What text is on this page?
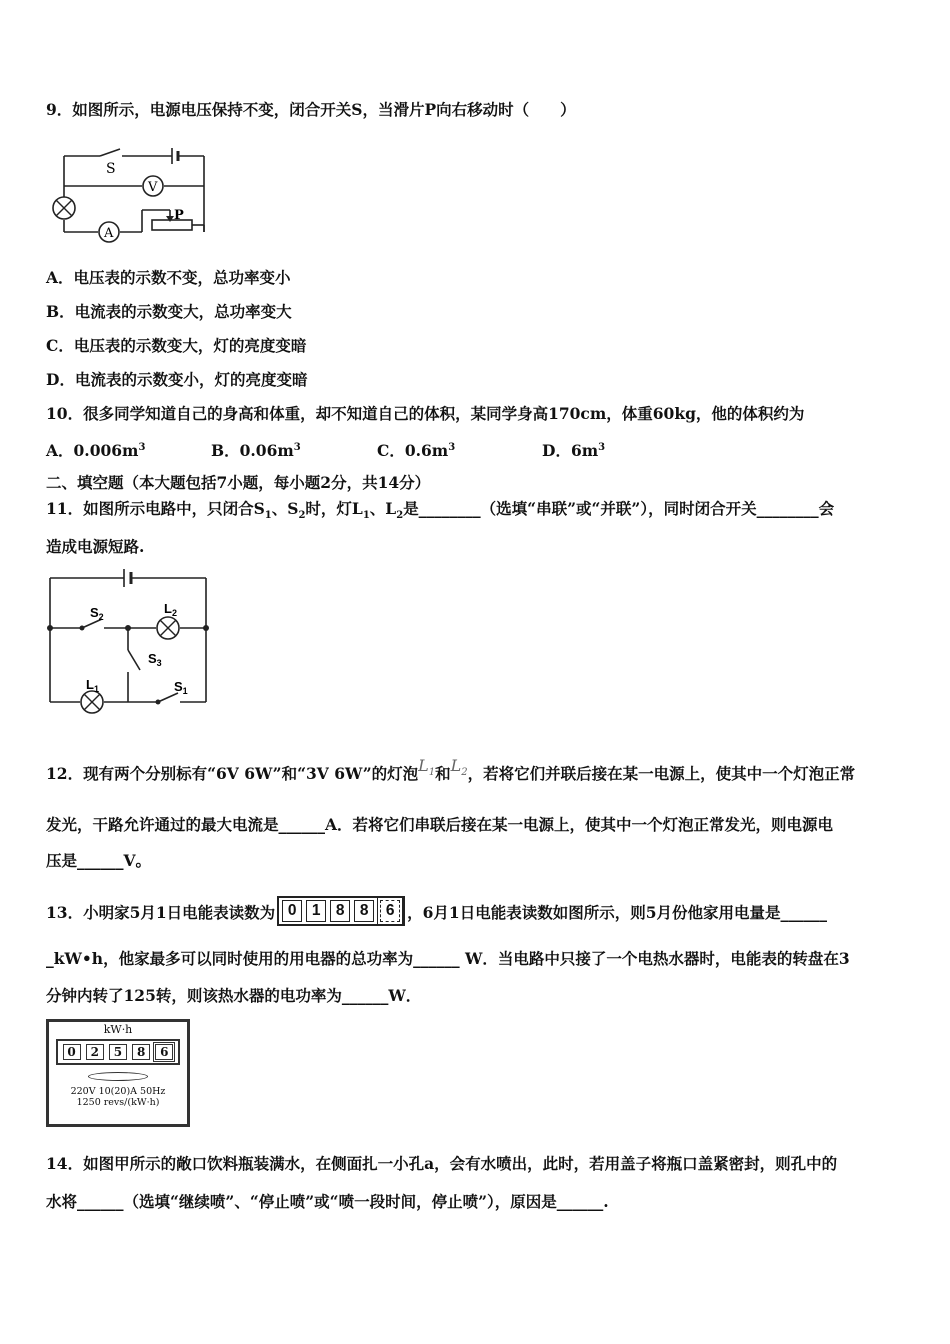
9．如图所示，电源电压保持不变，闭合开关S，当滑片P向右移动时（　　）
S
V
A
P
A．电压表的示数不变，总功率变小
B．电流表的示数变大，总功率变大
C．电压表的示数变大，灯的亮度变暗
D．电流表的示数变小，灯的亮度变暗
10．很多同学知道自己的身高和体重，却不知道自己的体积，某同学身高170cm，体重60kg，他的体积约为
A．$0.006m^3$	B．$0.06m^3$	C．$0.6m^3$	D．$6m^3$
二、填空题（本大题包括7小题，每小题2分，共14分）
11．如图所示电路中，只闭合$S_1$、$S_2$时，灯$L_1$、$L_2$是________（选填“串联”或“并联”），同时闭合开关________会
造成电源短路.
$S_2$
$L_2$
$S_3$
$L_1$	$S_1$
12．现有两个分别标有“6V 6W”和“3V 6W”的灯泡$L_1$和$L_2$，若将它们并联后接在某一电源上，使其中一个灯泡正常
发光，干路允许通过的最大电流是______A．若将它们串联后接在某一电源上，使其中一个灯泡正常发光，则电源电
压是______V。
13．小明家5月1日电能表读数为 0 1 8 8 6 ，6月1日电能表读数如图所示，则5月份他家用电量是______
_kW•h，他家最多可以同时使用的用电器的总功率为______ W．当电路中只接了一个电热水器时，电能表的转盘在3
分钟内转了125转，则该热水器的电功率为______W．
kW·h
0	2	5	8	6
220V 10(20)A 50Hz
1250 revs/(kW·h)
14．如图甲所示的敞口饮料瓶装满水，在侧面扎一小孔a，会有水喷出，此时，若用盖子将瓶口盖紧密封，则孔中的
水将______（选填“继续喷”、“停止喷”或“喷一段时间，停止喷”），原因是______.
